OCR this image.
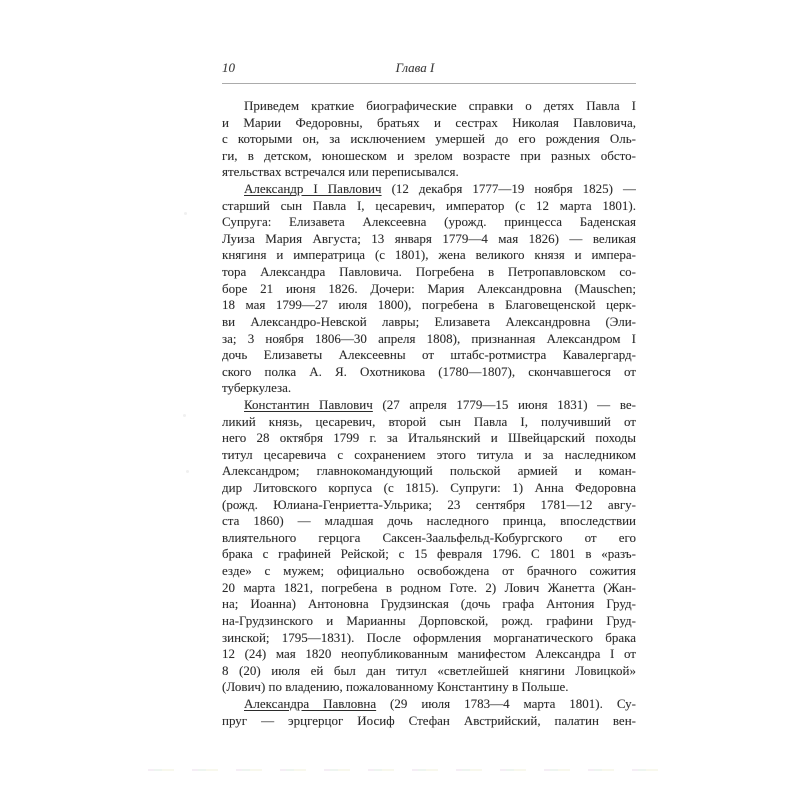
10	Глава I
Приведем краткие биографические справки о детях Павла I
и Марии Федоровны, братьях и сестрах Николая Павловича,
с которыми он, за исключением умершей до его рождения Оль-
ги, в детском, юношеском и зрелом возрасте при разных обсто-
ятельствах встречался или переписывался.
Александр I Павлович (12 декабря 1777—19 ноября 1825) —
старший сын Павла I, цесаревич, император (с 12 марта 1801).
Супруга: Елизавета Алексеевна (урожд. принцесса Баденская
Луиза Мария Августа; 13 января 1779—4 мая 1826) — великая
княгиня и императрица (с 1801), жена великого князя и импера-
тора Александра Павловича. Погребена в Петропавловском со-
боре 21 июня 1826. Дочери: Мария Александровна (Mauschen;
18 мая 1799—27 июля 1800), погребена в Благовещенской церк-
ви Александро-Невской лавры; Елизавета Александровна (Эли-
за; 3 ноября 1806—30 апреля 1808), признанная Александром I
дочь Елизаветы Алексеевны от штабс-ротмистра Кавалергард-
ского полка А. Я. Охотникова (1780—1807), скончавшегося от
туберкулеза.
Константин Павлович (27 апреля 1779—15 июня 1831) — ве-
ликий князь, цесаревич, второй сын Павла I, получивший от
него 28 октября 1799 г. за Итальянский и Швейцарский походы
титул цесаревича с сохранением этого титула и за наследником
Александром; главнокомандующий польской армией и коман-
дир Литовского корпуса (с 1815). Супруги: 1) Анна Федоровна
(рожд. Юлиана-Генриетта-Ульрика; 23 сентября 1781—12 авгу-
ста 1860) — младшая дочь наследного принца, впоследствии
влиятельного герцога Саксен-Заальфельд-Кобургского от его
брака с графиней Рейской; с 15 февраля 1796. С 1801 в «разъ-
езде» с мужем; официально освобождена от брачного сожития
20 марта 1821, погребена в родном Готе. 2) Лович Жанетта (Жан-
на; Иоанна) Антоновна Грудзинская (дочь графа Антония Груд-
на-Грудзинского и Марианны Дорповской, рожд. графини Груд-
зинской; 1795—1831). После оформления морганатического брака
12 (24) мая 1820 неопубликованным манифестом Александра I от
8 (20) июля ей был дан титул «светлейшей княгини Ловицкой»
(Лович) по владению, пожалованному Константину в Польше.
Александра Павловна (29 июля 1783—4 марта 1801). Су-
пруг — эрцгерцог Иосиф Стефан Австрийский, палатин вен-
